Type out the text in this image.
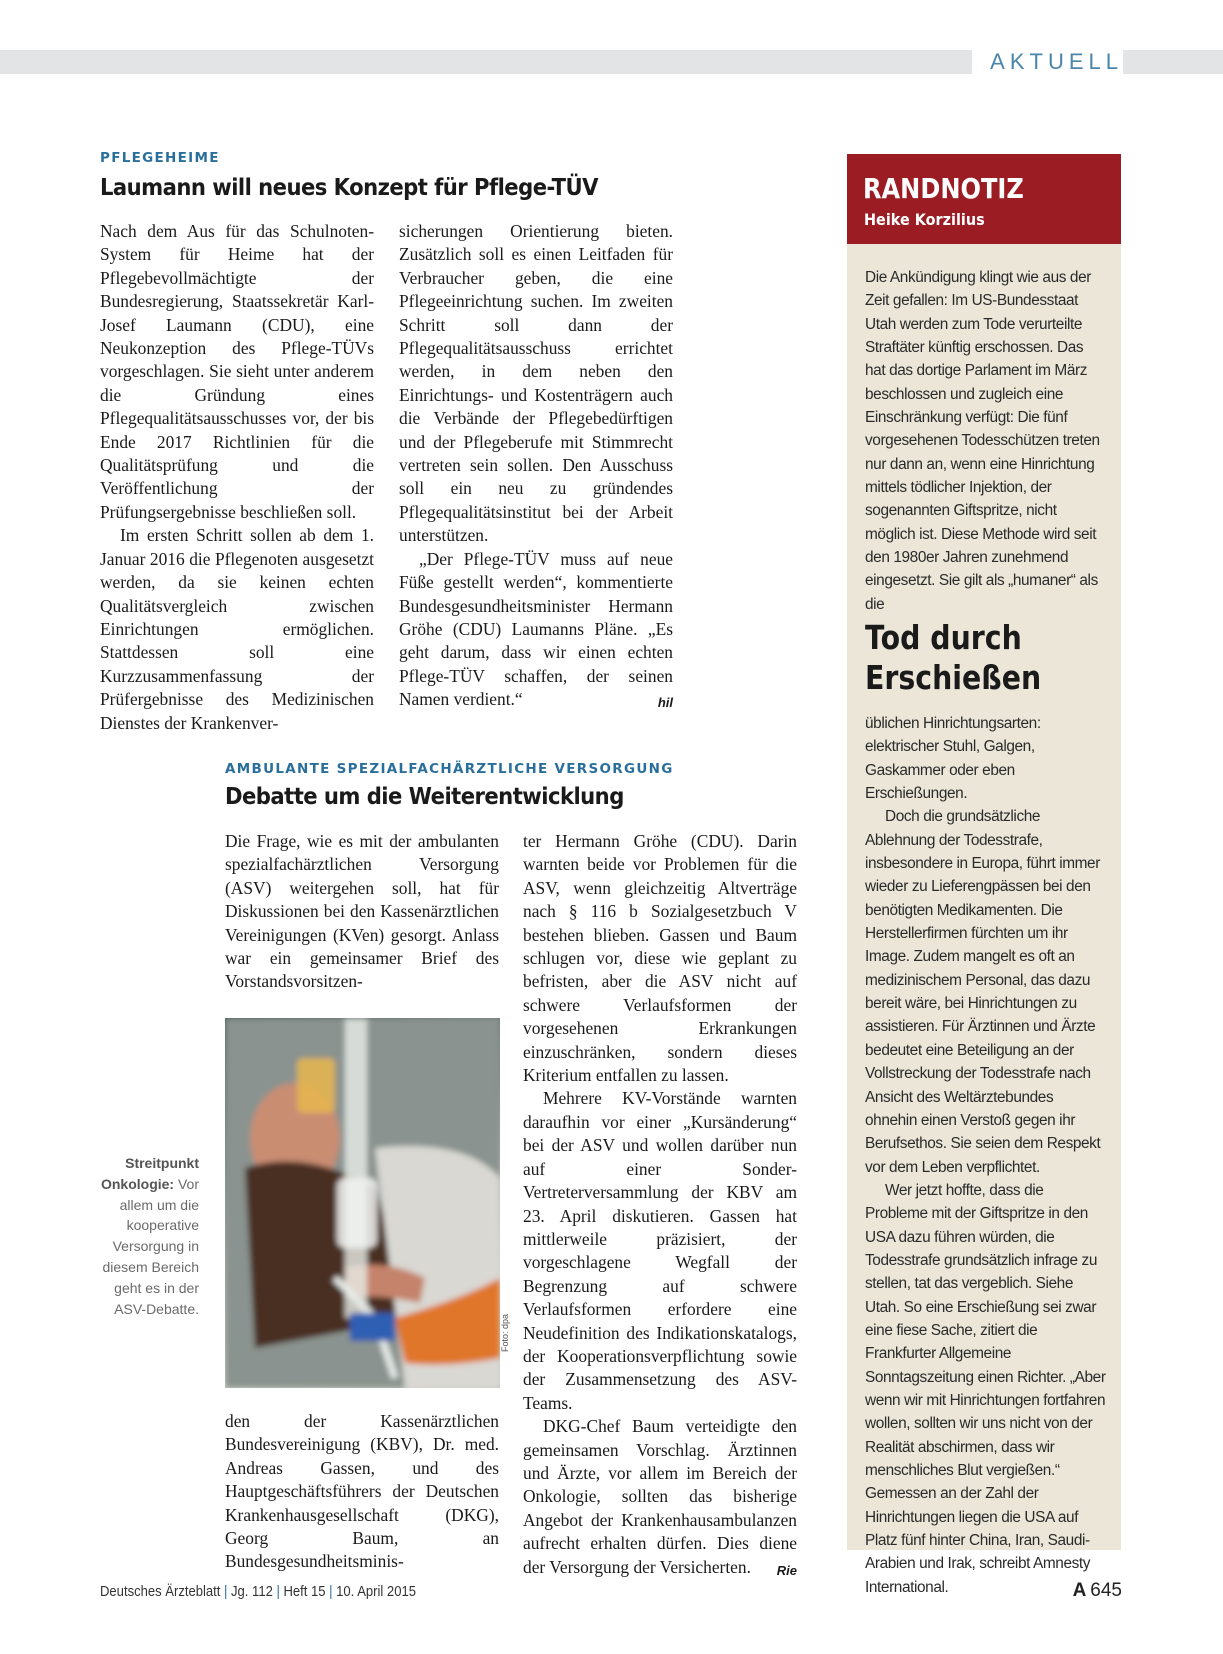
AKTUELL
PFLEGEHEIME
Laumann will neues Konzept für Pflege-TÜV

Nach dem Aus für das Schulnoten-System für Heime hat der Pflegebevollmächtigte der Bundesregierung, Staatssekretär Karl-Josef Laumann (CDU), eine Neukonzeption des Pflege-TÜVs vorgeschlagen. Sie sieht unter anderem die Gründung eines Pflegequalitätsausschusses vor, der bis Ende 2017 Richtlinien für die Qualitätsprüfung und die Veröffentlichung der Prüfungsergebnisse beschließen soll.

Im ersten Schritt sollen ab dem 1. Januar 2016 die Pflegenoten ausgesetzt werden, da sie keinen echten Qualitätsvergleich zwischen Einrichtungen ermöglichen. Stattdessen soll eine Kurzzusammenfassung der Prüfergebnisse des Medizinischen Dienstes der Krankenver-

sicherungen Orientierung bieten. Zusätzlich soll es einen Leitfaden für Verbraucher geben, die eine Pflegeeinrichtung suchen. Im zweiten Schritt soll dann der Pflegequalitätsausschuss errichtet werden, in dem neben den Einrichtungs- und Kostenträgern auch die Verbände der Pflegebedürftigen und der Pflegeberufe mit Stimmrecht vertreten sein sollen. Den Ausschuss soll ein neu zu gründendes Pflegequalitätsinstitut bei der Arbeit unterstützen.

„Der Pflege-TÜV muss auf neue Füße gestellt werden“, kommentierte Bundesgesundheitsminister Hermann Gröhe (CDU) Laumanns Pläne. „Es geht darum, dass wir einen echten Pflege-TÜV schaffen, der seinen Namen verdient.“	hil

AMBULANTE SPEZIALFACHÄRZTLICHE VERSORGUNG
Debatte um die Weiterentwicklung

Die Frage, wie es mit der ambulanten spezialfachärztlichen Versorgung (ASV) weitergehen soll, hat für Diskussionen bei den Kassenärztlichen Vereinigungen (KVen) gesorgt. Anlass war ein gemeinsamer Brief des Vorstandsvorsitzen-

Foto: dpa
Streitpunkt Onkologie: Vor allem um die kooperative Versorgung in diesem Bereich geht es in der ASV-Debatte.

den der Kassenärztlichen Bundesvereinigung (KBV), Dr. med. Andreas Gassen, und des Hauptgeschäftsführers der Deutschen Krankenhausgesellschaft (DKG), Georg Baum, an Bundesgesundheitsminis-

ter Hermann Gröhe (CDU). Darin warnten beide vor Problemen für die ASV, wenn gleichzeitig Altverträge nach § 116 b Sozialgesetzbuch V bestehen blieben. Gassen und Baum schlugen vor, diese wie geplant zu befristen, aber die ASV nicht auf schwere Verlaufsformen der vorgesehenen Erkrankungen einzuschränken, sondern dieses Kriterium entfallen zu lassen.

Mehrere KV-Vorstände warnten daraufhin vor einer „Kursänderung“ bei der ASV und wollen darüber nun auf einer Sonder-Vertreterversammlung der KBV am 23. April diskutieren. Gassen hat mittlerweile präzisiert, der vorgeschlagene Wegfall der Begrenzung auf schwere Verlaufsformen erfordere eine Neudefinition des Indikationskatalogs, der Kooperationsverpflichtung sowie der Zusammensetzung des ASV-Teams.

DKG-Chef Baum verteidigte den gemeinsamen Vorschlag. Ärztinnen und Ärzte, vor allem im Bereich der Onkologie, sollten das bisherige Angebot der Krankenhausambulanzen aufrecht erhalten dürfen. Dies diene der Versorgung der Versicherten.	Rie

RANDNOTIZ
Heike Korzilius

Die Ankündigung klingt wie aus der Zeit gefallen: Im US-Bundesstaat Utah werden zum Tode verurteilte Straftäter künftig erschossen. Das hat das dortige Parlament im März beschlossen und zugleich eine Einschränkung verfügt: Die fünf vorgesehenen Todesschützen treten nur dann an, wenn eine Hinrichtung mittels tödlicher Injektion, der sogenannten Giftspritze, nicht möglich ist. Diese Methode wird seit den 1980er Jahren zunehmend eingesetzt. Sie gilt als „humaner“ als die

Tod durch Erschießen

üblichen Hinrichtungsarten: elektrischer Stuhl, Galgen, Gaskammer oder eben Erschießungen.

Doch die grundsätzliche Ablehnung der Todesstrafe, insbesondere in Europa, führt immer wieder zu Lieferengpässen bei den benötigten Medikamenten. Die Herstellerfirmen fürchten um ihr Image. Zudem mangelt es oft an medizinischem Personal, das dazu bereit wäre, bei Hinrichtungen zu assistieren. Für Ärztinnen und Ärzte bedeutet eine Beteiligung an der Vollstreckung der Todesstrafe nach Ansicht des Weltärztebundes ohnehin einen Verstoß gegen ihr Berufsethos. Sie seien dem Respekt vor dem Leben verpflichtet.

Wer jetzt hoffte, dass die Probleme mit der Giftspritze in den USA dazu führen würden, die Todesstrafe grundsätzlich infrage zu stellen, tat das vergeblich. Siehe Utah. So eine Erschießung sei zwar eine fiese Sache, zitiert die Frankfurter Allgemeine Sonntagszeitung einen Richter. „Aber wenn wir mit Hinrichtungen fortfahren wollen, sollten wir uns nicht von der Realität abschirmen, dass wir menschliches Blut vergießen.“ Gemessen an der Zahl der Hinrichtungen liegen die USA auf Platz fünf hinter China, Iran, Saudi-Arabien und Irak, schreibt Amnesty International.

Deutsches Ärzteblatt | Jg. 112 | Heft 15 | 10. April 2015	A 645
